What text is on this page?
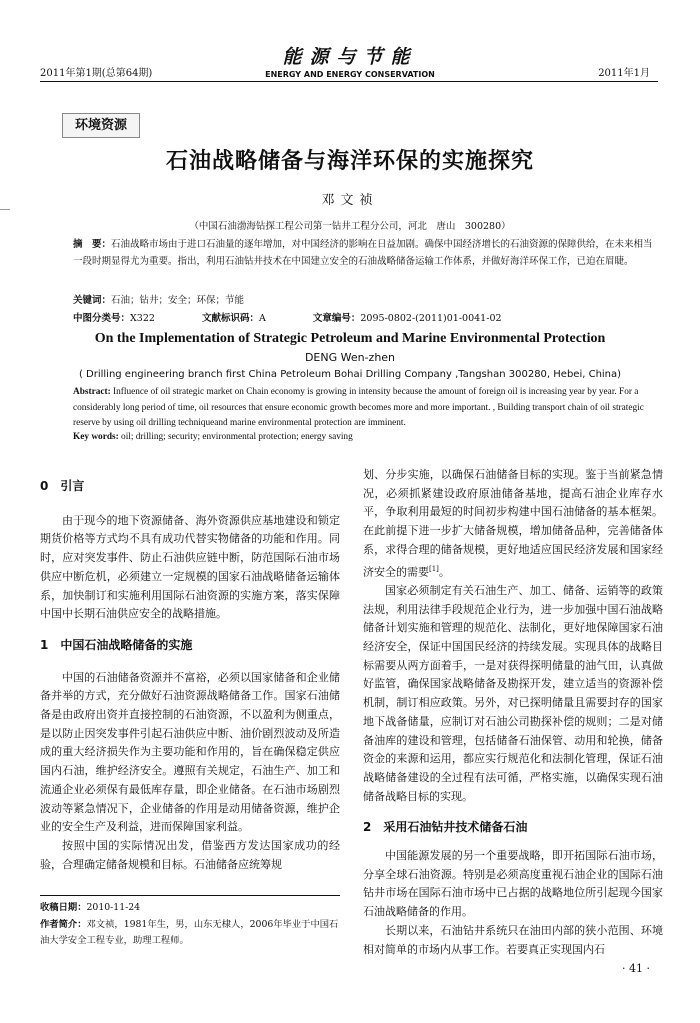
2011年第1期(总第64期)
能源与节能
ENERGY AND ENERGY CONSERVATION	2011年1月
环境资源
石油战略储备与海洋环保的实施探究
邓文祯
（中国石油渤海钻探工程公司第一钻井工程分公司，河北　唐山　300280）
摘　要：石油战略市场由于进口石油量的逐年增加，对中国经济的影响在日益加剧。确保中国经济增长的石油资源的保障供给，在未来相当一段时期显得尤为重要。指出，利用石油钻井技术在中国建立安全的石油战略储备运输工作体系，并做好海洋环保工作，已迫在眉睫。
关键词：石油；钻井；安全；环保；节能
中图分类号：X322	文献标识码：A	文章编号：2095-0802-(2011)01-0041-02
On the Implementation of Strategic Petroleum and Marine Environmental Protection
DENG Wen-zhen
( Drilling engineering branch first China Petroleum Bohai Drilling Company ,Tangshan 300280, Hebei, China)
Abstract: Influence of oil strategic market on Chain economy is growing in intensity because the amount of foreign oil is increasing year by year. For a considerably long period of time, oil resources that ensure economic growth becomes more and more important. , Building transport chain of oil strategic reserve by using oil drilling techniqueand marine environmental protection are imminent.
Key words: oil; drilling; security; environmental protection; energy saving
0　引言

由于现今的地下资源储备、海外资源供应基地建设和锁定期货价格等方式均不具有成功代替实物储备的功能和作用。同时，应对突发事件、防止石油供应链中断，防范国际石油市场供应中断危机，必须建立一定规模的国家石油战略储备运输体系，加快制订和实施利用国际石油资源的实施方案，落实保障中国中长期石油供应安全的战略措施。

1　中国石油战略储备的实施

中国的石油储备资源并不富裕，必须以国家储备和企业储备并举的方式，充分做好石油资源战略储备工作。国家石油储备是由政府出资并直接控制的石油资源，不以盈利为侧重点，是以防止因突发事件引起石油供应中断、油价剧烈波动及所造成的重大经济损失作为主要功能和作用的，旨在确保稳定供应国内石油，维护经济安全。遵照有关规定，石油生产、加工和流通企业必须保有最低库存量，即企业储备。在石油市场剧烈波动等紧急情况下，企业储备的作用是动用储备资源，维护企业的安全生产及利益，进而保障国家利益。

按照中国的实际情况出发，借鉴西方发达国家成功的经验，合理确定储备规模和目标。石油储备应统筹规

划、分步实施，以确保石油储备目标的实现。鉴于当前紧急情况，必须抓紧建设政府原油储备基地，提高石油企业库存水平，争取利用最短的时间初步构建中国石油储备的基本框架。在此前提下进一步扩大储备规模，增加储备品种，完善储备体系，求得合理的储备规模，更好地适应国民经济发展和国家经济安全的需要[1]。

国家必须制定有关石油生产、加工、储备、运销等的政策法规，利用法律手段规范企业行为，进一步加强中国石油战略储备计划实施和管理的规范化、法制化，更好地保障国家石油经济安全，保证中国国民经济的持续发展。实现具体的战略目标需要从两方面着手，一是对获得探明储量的油气田，认真做好监管，确保国家战略储备及勘探开发，建立适当的资源补偿机制，制订相应政策。另外，对已探明储量且需要封存的国家地下战备储量，应制订对石油公司勘探补偿的规则；二是对储备油库的建设和管理，包括储备石油保管、动用和轮换，储备资金的来源和运用，都应实行规范化和法制化管理，保证石油战略储备建设的全过程有法可循，严格实施，以确保实现石油储备战略目标的实现。

2　采用石油钻井技术储备石油

中国能源发展的另一个重要战略，即开拓国际石油市场，分享全球石油资源。特别是必须高度重视石油企业的国际石油钻井市场在国际石油市场中已占据的战略地位所引起现今国家石油战略储备的作用。

长期以来，石油钻井系统只在油田内部的狭小范围、环境相对简单的市场内从事工作。若要真正实现国内石

收稿日期：2010-11-24
作者简介：邓文祯，1981年生，男，山东无棣人，2006年毕业于中国石油大学安全工程专业，助理工程师。
· 41 ·
